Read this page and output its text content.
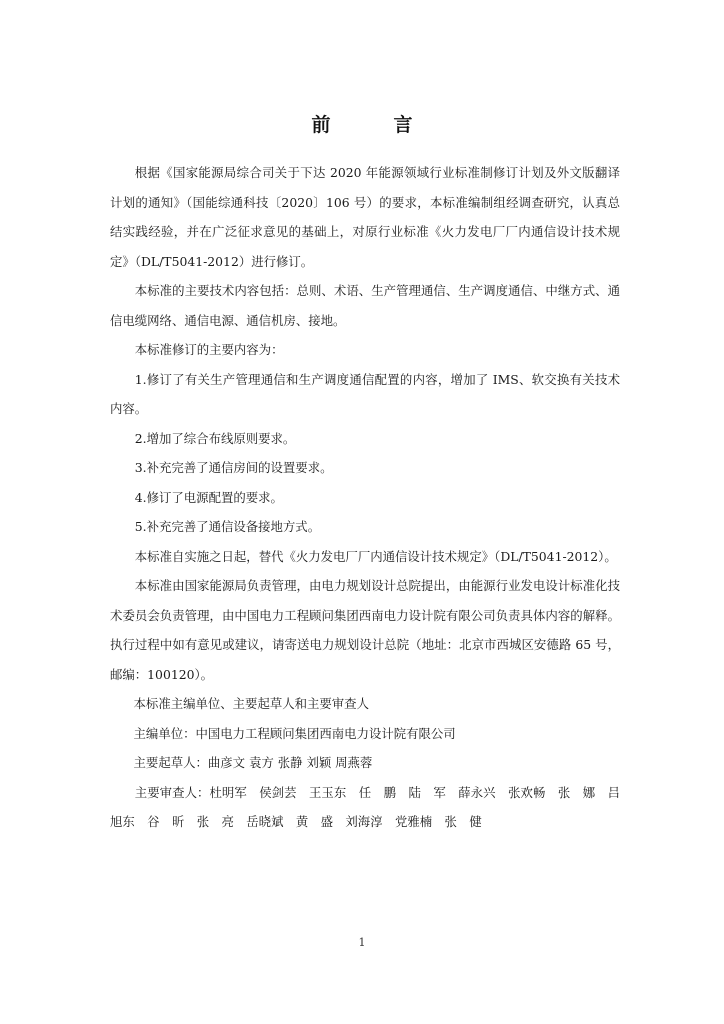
前　言

根据《国家能源局综合司关于下达 2020 年能源领域行业标准制修订计划及外文版翻译计划的通知》（国能综通科技〔2020〕106 号）的要求，本标准编制组经调查研究，认真总结实践经验，并在广泛征求意见的基础上，对原行业标准《火力发电厂厂内通信设计技术规定》（DL/T5041-2012）进行修订。

本标准的主要技术内容包括：总则、术语、生产管理通信、生产调度通信、中继方式、通信电缆网络、通信电源、通信机房、接地。

本标准修订的主要内容为：

1.修订了有关生产管理通信和生产调度通信配置的内容，增加了 IMS、软交换有关技术内容。

2.增加了综合布线原则要求。

3.补充完善了通信房间的设置要求。

4.修订了电源配置的要求。

5.补充完善了通信设备接地方式。

本标准自实施之日起，替代《火力发电厂厂内通信设计技术规定》（DL/T5041-2012）。

本标准由国家能源局负责管理，由电力规划设计总院提出，由能源行业发电设计标准化技术委员会负责管理，由中国电力工程顾问集团西南电力设计院有限公司负责具体内容的解释。执行过程中如有意见或建议，请寄送电力规划设计总院（地址：北京市西城区安德路 65 号，邮编：100120）。

本标准主编单位、主要起草人和主要审查人

主编单位：中国电力工程顾问集团西南电力设计院有限公司

主要起草人：曲彦文 袁方 张静 刘颖 周燕蓉

主要审查人：杜明军　侯剑芸　王玉东　任　鹏　陆　军　薛永兴　张欢畅　张　娜　吕旭东　谷　昕　张　亮　岳晓斌　黄　盛　刘海淳　党雅楠　张　健

1
